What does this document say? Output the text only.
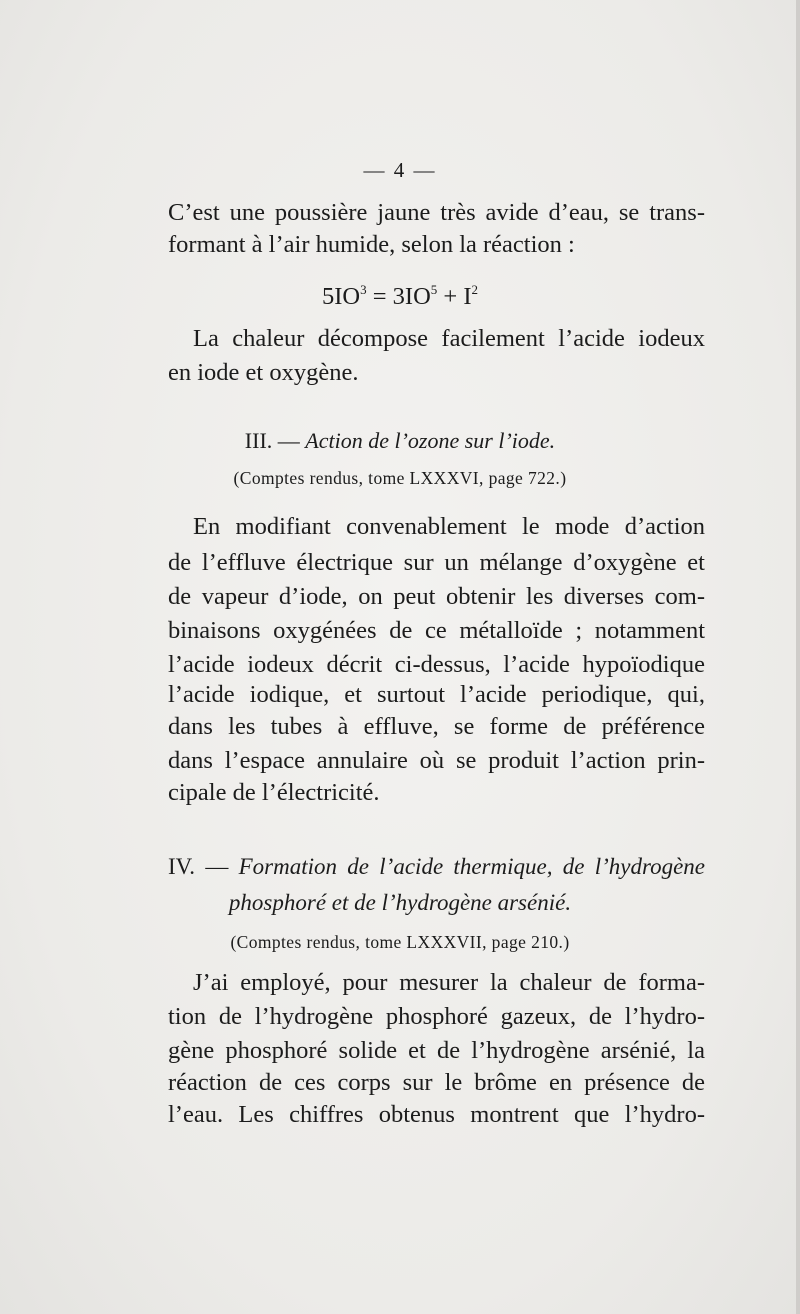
— 4 —
C’est une poussière jaune très avide d’eau, se trans-
formant à l’air humide, selon la réaction :
$5IO^3 = 3IO^5 + I^2$
La chaleur décompose facilement l’acide iodeux
en iode et oxygène.
III. — Action de l’ozone sur l’iode.
(Comptes rendus, tome LXXXVI, page 722.)
En modifiant convenablement le mode d’action
de l’effluve électrique sur un mélange d’oxygène et
de vapeur d’iode, on peut obtenir les diverses com-
binaisons oxygénées de ce métalloïde ; notamment
l’acide iodeux décrit ci-dessus, l’acide hypoïodique
l’acide iodique, et surtout l’acide periodique, qui,
dans les tubes à effluve, se forme de préférence
dans l’espace annulaire où se produit l’action prin-
cipale de l’électricité.
IV. — Formation de l’acide thermique, de l’hydrogène
phosphoré et de l’hydrogène arsénié.
(Comptes rendus, tome LXXXVII, page 210.)
J’ai employé, pour mesurer la chaleur de forma-
tion de l’hydrogène phosphoré gazeux, de l’hydro-
gène phosphoré solide et de l’hydrogène arsénié, la
réaction de ces corps sur le brôme en présence de
l’eau. Les chiffres obtenus montrent que l’hydro-
